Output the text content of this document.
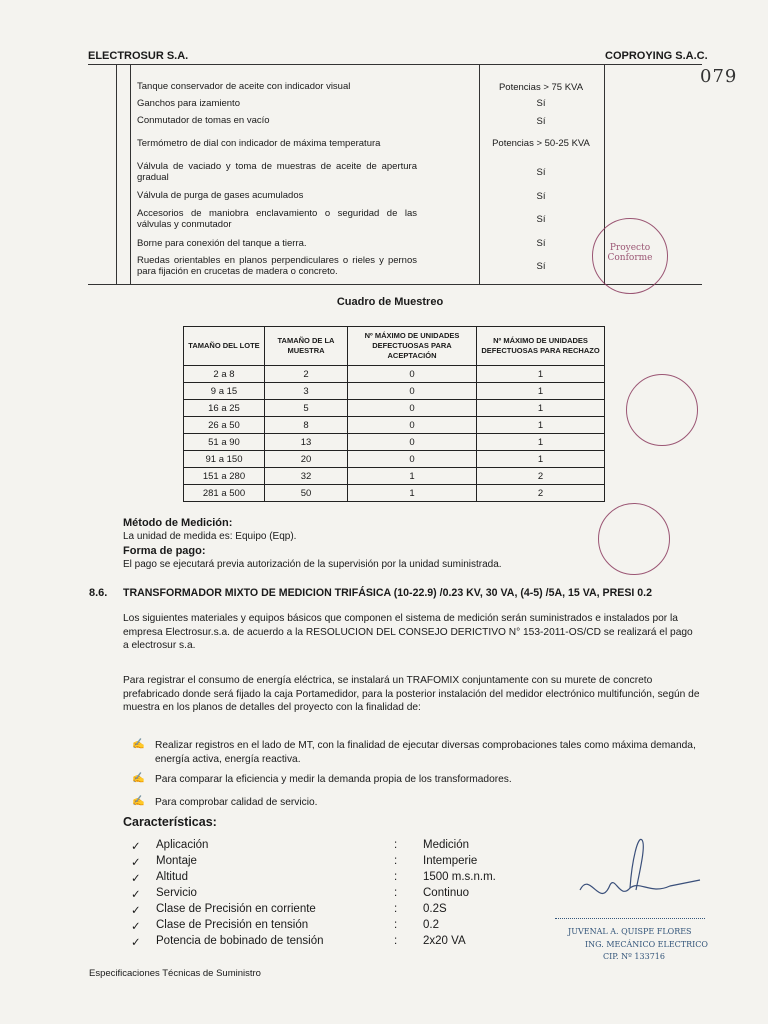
ELECTROSUR S.A.	COPROYING S.A.C.
079
Tanque conservador de aceite con indicador visual	Potencias > 75 KVA
Ganchos para izamiento	Sí
Conmutador de tomas en vacío	Sí
Termómetro de dial con indicador de máxima temperatura	Potencias > 50-25 KVA
Válvula de vaciado y toma de muestras de aceite de apertura gradual	Sí
Válvula de purga de gases acumulados	Sí
Accesorios de maniobra enclavamiento o seguridad de las válvulas y conmutador	Sí
Borne para conexión del tanque a tierra.	Sí
Ruedas orientables en planos perpendiculares o rieles y pernos para fijación en crucetas de madera o concreto.	Sí
Proyecto
Conforme
Cuadro de Muestreo
TAMAÑO DEL LOTE	TAMAÑO DE LA MUESTRA	Nº MÁXIMO DE UNIDADES DEFECTUOSAS PARA ACEPTACIÓN	Nº MÁXIMO DE UNIDADES DEFECTUOSAS PARA RECHAZO
2 a 8	2	0	1
9 a 15	3	0	1
16 a 25	5	0	1
26 a 50	8	0	1
51 a 90	13	0	1
91 a 150	20	0	1
151 a 280	32	1	2
281 a 500	50	1	2
Método de Medición:
La unidad de medida es: Equipo (Eqp).
Forma de pago:
El pago se ejecutará previa autorización de la supervisión por la unidad suministrada.
8.6. TRANSFORMADOR MIXTO DE MEDICION TRIFÁSICA (10-22.9) /0.23 KV, 30 VA, (4-5) /5A, 15 VA, PRESI 0.2
Los siguientes materiales y equipos básicos que componen el sistema de medición serán suministrados e instalados por la empresa Electrosur.s.a. de acuerdo a la RESOLUCION DEL CONSEJO DERICTIVO N° 153-2011-OS/CD se realizará el pago a electrosur s.a.
Para registrar el consumo de energía eléctrica, se instalará un TRAFOMIX conjuntamente con su murete de concreto prefabricado donde será fijado la caja Portamedidor, para la posterior instalación del medidor electrónico multifunción, según de muestra en los planos de detalles del proyecto con la finalidad de:
✍ Realizar registros en el lado de MT, con la finalidad de ejecutar diversas comprobaciones tales como máxima demanda, energía activa, energía reactiva.
✍ Para comparar la eficiencia y medir la demanda propia de los transformadores.
✍ Para comprobar calidad de servicio.
Características:
✓ Aplicación	: Medición
✓ Montaje	: Intemperie
✓ Altitud	: 1500 m.s.n.m.
✓ Servicio	: Continuo
✓ Clase de Precisión en corriente	: 0.2S
✓ Clase de Precisión en tensión	: 0.2
✓ Potencia de bobinado de tensión	: 2x20 VA
JUVENAL A. QUISPE FLORES
ING. MECÁNICO ELECTRICO
CIP. Nº 133716
Especificaciones Técnicas de Suministro
